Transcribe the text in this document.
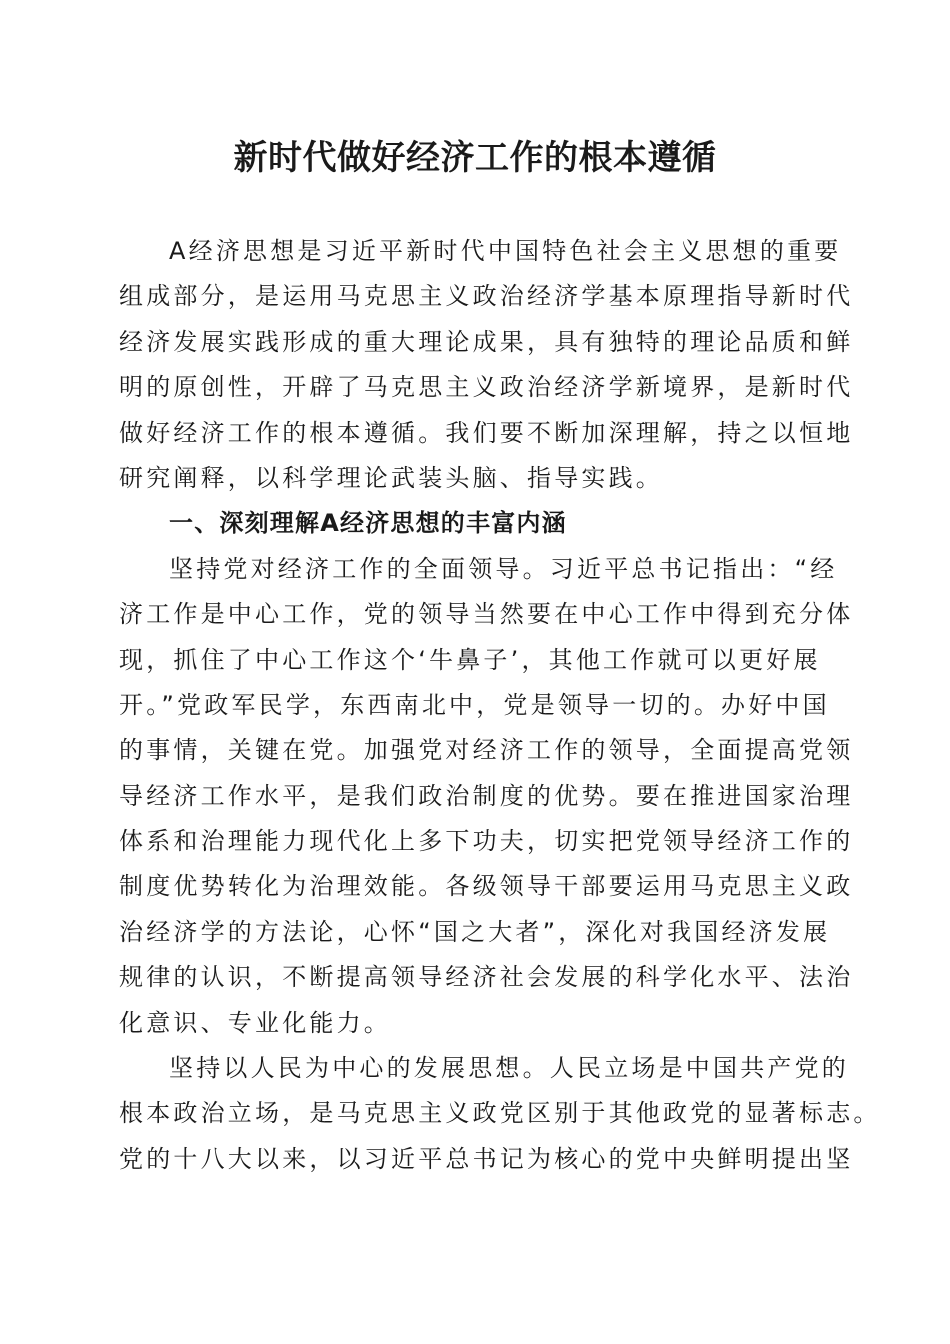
新时代做好经济工作的根本遵循
A经济思想是习近平新时代中国特色社会主义思想的重要
组成部分，是运用马克思主义政治经济学基本原理指导新时代
经济发展实践形成的重大理论成果，具有独特的理论品质和鲜
明的原创性，开辟了马克思主义政治经济学新境界，是新时代
做好经济工作的根本遵循。我们要不断加深理解，持之以恒地
研究阐释，以科学理论武装头脑、指导实践。
一、深刻理解A经济思想的丰富内涵
坚持党对经济工作的全面领导。习近平总书记指出：“经
济工作是中心工作，党的领导当然要在中心工作中得到充分体
现，抓住了中心工作这个‘牛鼻子’，其他工作就可以更好展
开。”党政军民学，东西南北中，党是领导一切的。办好中国
的事情，关键在党。加强党对经济工作的领导，全面提高党领
导经济工作水平，是我们政治制度的优势。要在推进国家治理
体系和治理能力现代化上多下功夫，切实把党领导经济工作的
制度优势转化为治理效能。各级领导干部要运用马克思主义政
治经济学的方法论，心怀“国之大者”，深化对我国经济发展
规律的认识，不断提高领导经济社会发展的科学化水平、法治
化意识、专业化能力。
坚持以人民为中心的发展思想。人民立场是中国共产党的
根本政治立场，是马克思主义政党区别于其他政党的显著标志。
党的十八大以来，以习近平总书记为核心的党中央鲜明提出坚
